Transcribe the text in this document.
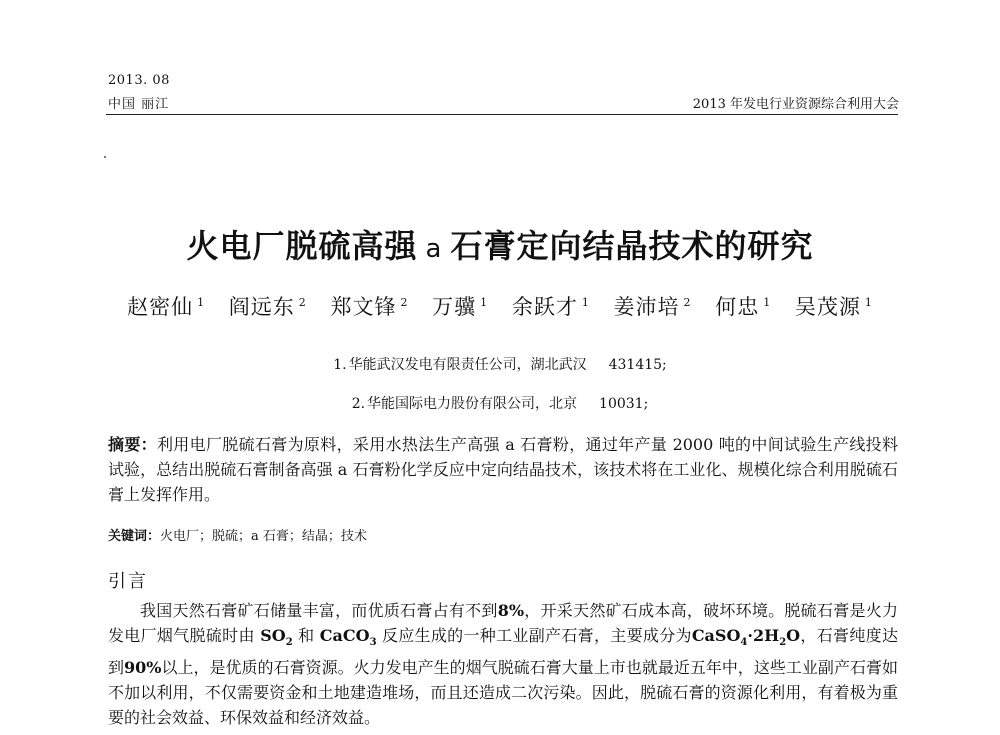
2013. 08
中国 丽江	2013 年发电行业资源综合利用大会
火电厂脱硫高强 a 石膏定向结晶技术的研究
赵密仙 $^1$ 阎远东 $^2$ 郑文锋 $^2$ 万骥 $^1$ 余跃才 $^1$ 姜沛培 $^2$ 何忠 $^1$ 吴茂源 $^1$
1. 华能武汉发电有限责任公司，湖北武汉 431415;
2. 华能国际电力股份有限公司，北京 10031;
摘要：利用电厂脱硫石膏为原料，采用水热法生产高强 a 石膏粉，通过年产量 2000 吨的中间试验生产线投料试验，总结出脱硫石膏制备高强 a 石膏粉化学反应中定向结晶技术，该技术将在工业化、规模化综合利用脱硫石膏上发挥作用。
关键词：火电厂；脱硫；a 石膏；结晶；技术
引言
我国天然石膏矿石储量丰富，而优质石膏占有不到8%，开采天然矿石成本高，破坏环境。脱硫石膏是火力发电厂烟气脱硫时由 $SO_2$ 和 CaCO$_3$ 反应生成的一种工业副产石膏，主要成分为$CaSO_4\cdot 2H_2O$，石膏纯度达到90%以上，是优质的石膏资源。火力发电产生的烟气脱硫石膏大量上市也就最近五年中，这些工业副产石膏如不加以利用，不仅需要资金和土地建造堆场，而且还造成二次污染。因此，脱硫石膏的资源化利用，有着极为重要的社会效益、环保效益和经济效益。
